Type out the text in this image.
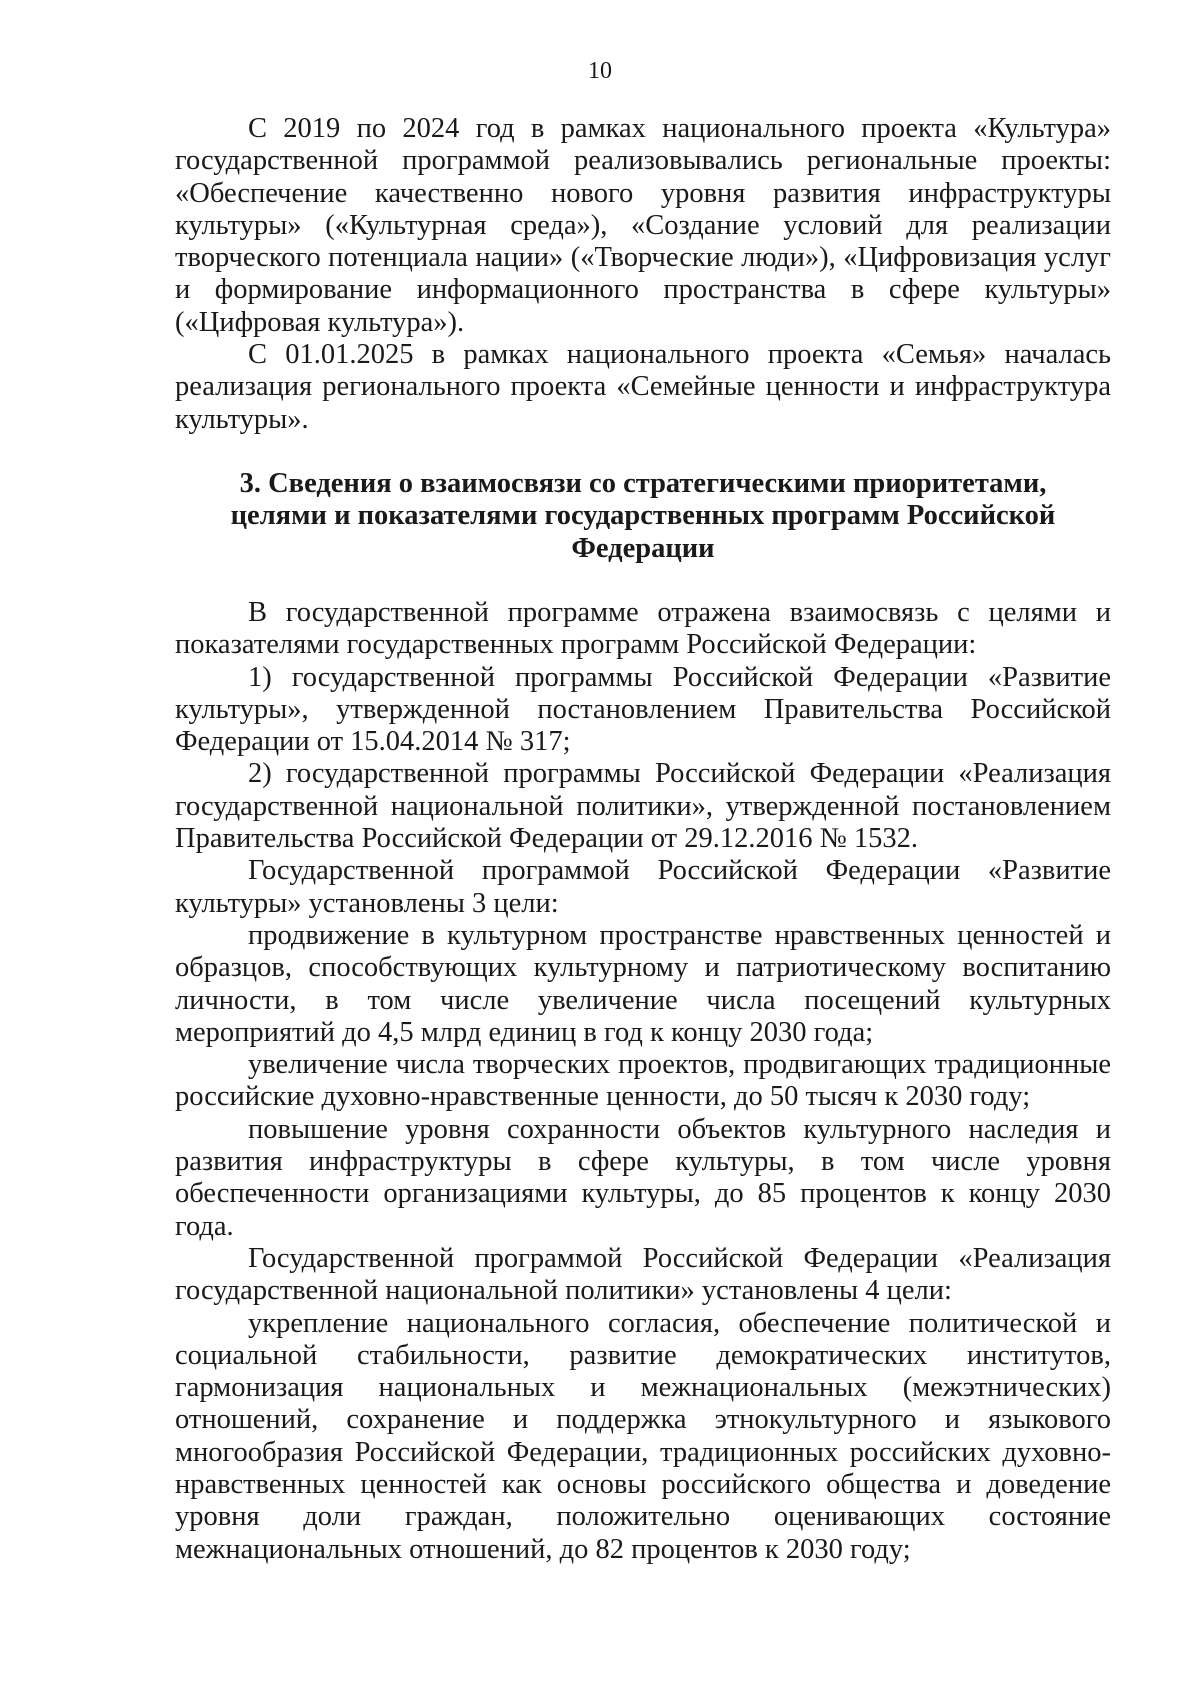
10

С 2019 по 2024 год в рамках национального проекта «Культура» государственной программой реализовывались региональные проекты: «Обеспечение качественно нового уровня развития инфраструктуры культуры» («Культурная среда»), «Создание условий для реализации творческого потенциала нации» («Творческие люди»), «Цифровизация услуг и формирование информационного пространства в сфере культуры» («Цифровая культура»).

С 01.01.2025 в рамках национального проекта «Семья» началась реализация регионального проекта «Семейные ценности и инфраструктура культуры».

3. Сведения о взаимосвязи со стратегическими приоритетами,
целями и показателями государственных программ Российской
Федерации

В государственной программе отражена взаимосвязь с целями и показателями государственных программ Российской Федерации:

1) государственной программы Российской Федерации «Развитие культуры», утвержденной постановлением Правительства Российской Федерации от 15.04.2014 № 317;

2) государственной программы Российской Федерации «Реализация государственной национальной политики», утвержденной постановлением Правительства Российской Федерации от 29.12.2016 № 1532.

Государственной программой Российской Федерации «Развитие культуры» установлены 3 цели:

продвижение в культурном пространстве нравственных ценностей и образцов, способствующих культурному и патриотическому воспитанию личности, в том числе увеличение числа посещений культурных мероприятий до 4,5 млрд единиц в год к концу 2030 года;

увеличение числа творческих проектов, продвигающих традиционные российские духовно-нравственные ценности, до 50 тысяч к 2030 году;

повышение уровня сохранности объектов культурного наследия и развития инфраструктуры в сфере культуры, в том числе уровня обеспеченности организациями культуры, до 85 процентов к концу 2030 года.

Государственной программой Российской Федерации «Реализация государственной национальной политики» установлены 4 цели:

укрепление национального согласия, обеспечение политической и социальной стабильности, развитие демократических институтов, гармонизация национальных и межнациональных (межэтнических) отношений, сохранение и поддержка этнокультурного и языкового многообразия Российской Федерации, традиционных российских духовно-нравственных ценностей как основы российского общества и доведение уровня доли граждан, положительно оценивающих состояние межнациональных отношений, до 82 процентов к 2030 году;
